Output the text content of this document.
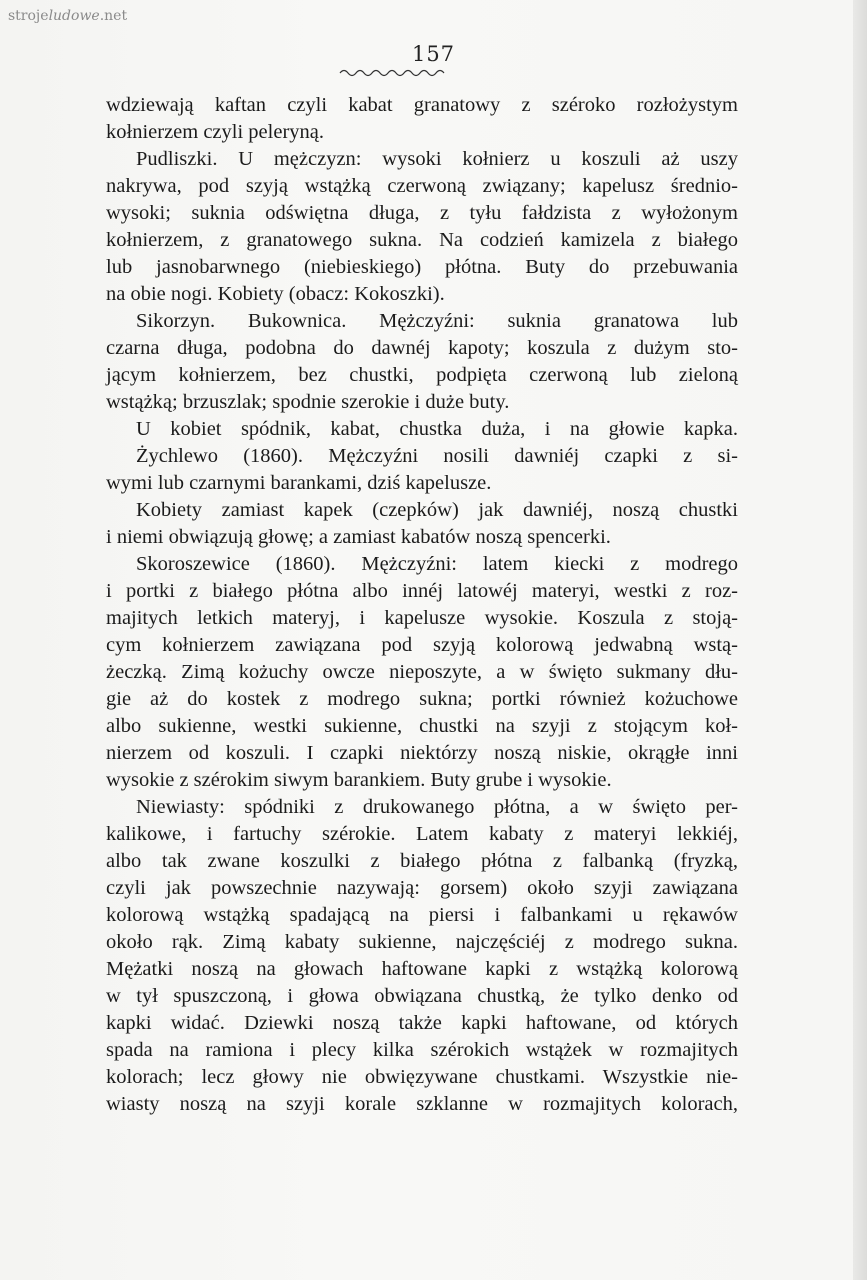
strojeludowe.net
157
wdziewają kaftan czyli kabat granatowy z széroko rozłożystym
kołnierzem czyli peleryną.
Pudliszki. U mężczyzn: wysoki kołnierz u koszuli aż uszy
nakrywa, pod szyją wstążką czerwoną związany; kapelusz średnio-
wysoki; suknia odświętna długa, z tyłu fałdzista z wyłożonym
kołnierzem, z granatowego sukna. Na codzień kamizela z białego
lub jasnobarwnego (niebieskiego) płótna. Buty do przebuwania
na obie nogi. Kobiety (obacz: Kokoszki).
Sikorzyn. Bukownica. Mężczyźni: suknia granatowa lub
czarna długa, podobna do dawnéj kapoty; koszula z dużym sto-
jącym kołnierzem, bez chustki, podpięta czerwoną lub zieloną
wstążką; brzuszlak; spodnie szerokie i duże buty.
U kobiet spódnik, kabat, chustka duża, i na głowie kapka.
Żychlewo (1860). Mężczyźni nosili dawniéj czapki z si-
wymi lub czarnymi barankami, dziś kapelusze.
Kobiety zamiast kapek (czepków) jak dawniéj, noszą chustki
i niemi obwiązują głowę; a zamiast kabatów noszą spencerki.
Skoroszewice (1860). Mężczyźni: latem kiecki z modrego
i portki z białego płótna albo innéj latowéj materyi, westki z roz-
majitych letkich materyj, i kapelusze wysokie. Koszula z stoją-
cym kołnierzem zawiązana pod szyją kolorową jedwabną wstą-
żeczką. Zimą kożuchy owcze nieposzyte, a w święto sukmany dłu-
gie aż do kostek z modrego sukna; portki również kożuchowe
albo sukienne, westki sukienne, chustki na szyji z stojącym koł-
nierzem od koszuli. I czapki niektórzy noszą niskie, okrągłe inni
wysokie z szérokim siwym barankiem. Buty grube i wysokie.
Niewiasty: spódniki z drukowanego płótna, a w święto per-
kalikowe, i fartuchy szérokie. Latem kabaty z materyi lekkiéj,
albo tak zwane koszulki z białego płótna z falbanką (fryzką,
czyli jak powszechnie nazywają: gorsem) około szyji zawiązana
kolorową wstążką spadającą na piersi i falbankami u rękawów
około rąk. Zimą kabaty sukienne, najczęściéj z modrego sukna.
Mężatki noszą na głowach haftowane kapki z wstążką kolorową
w tył spuszczoną, i głowa obwiązana chustką, że tylko denko od
kapki widać. Dziewki noszą także kapki haftowane, od których
spada na ramiona i plecy kilka szérokich wstążek w rozmajitych
kolorach; lecz głowy nie obwięzywane chustkami. Wszystkie nie-
wiasty noszą na szyji korale szklanne w rozmajitych kolorach,
